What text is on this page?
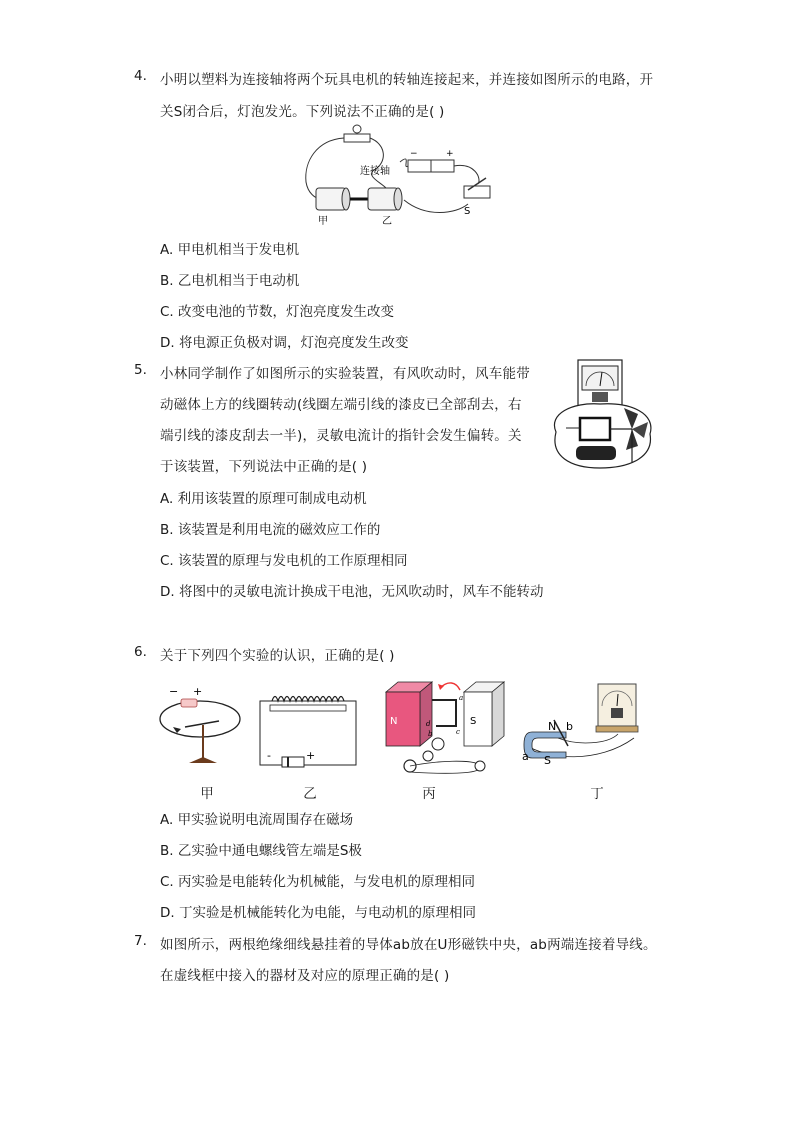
4. 小明以塑料为连接轴将两个玩具电机的转轴连接起来，并连接如图所示的电路，开
关S闭合后，灯泡发光。下列说法不正确的是( )
−	+
连接轴
甲	乙
S
A. 甲电机相当于发电机
B. 乙电机相当于电动机
C. 改变电池的节数，灯泡亮度发生改变
D. 将电源正负极对调，灯泡亮度发生改变
5. 小林同学制作了如图所示的实验装置，有风吹动时，风车能带
动磁体上方的线圈转动(线圈左端引线的漆皮已全部刮去，右
端引线的漆皮刮去一半)，灵敏电流计的指针会发生偏转。关
于该装置，下列说法中正确的是( )
A. 利用该装置的原理可制成电动机
B. 该装置是利用电流的磁效应工作的
C. 该装置的原理与发电机的工作原理相同
D. 将图中的灵敏电流计换成干电池，无风吹动时，风车不能转动
6. 关于下列四个实验的认识，正确的是( )
− +
-	+
N	S
a
b	c
d	N
S
a
b
甲	乙	丙	丁
A. 甲实验说明电流周围存在磁场
B. 乙实验中通电螺线管左端是S极
C. 丙实验是电能转化为机械能，与发电机的原理相同
D. 丁实验是机械能转化为电能，与电动机的原理相同
7. 如图所示，两根绝缘细线悬挂着的导体ab放在U形磁铁中央，ab两端连接着导线。
在虚线框中接入的器材及对应的原理正确的是( )
